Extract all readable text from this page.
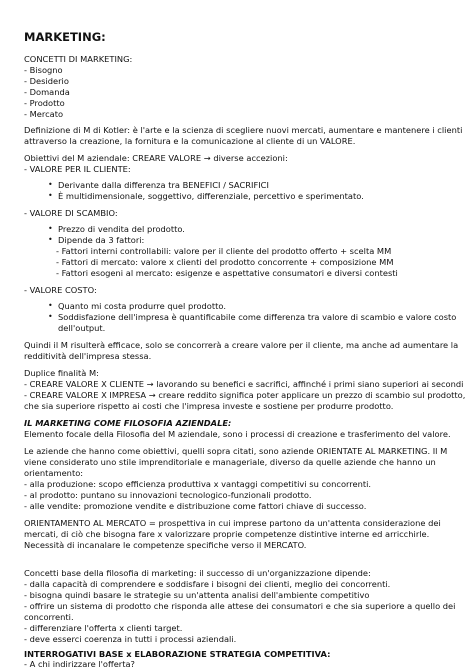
MARKETING:
CONCETTI DI MARKETING:
- Bisogno
- Desiderio
- Domanda
- Prodotto
- Mercato
Definizione di M di Kotler: è l'arte e la scienza di scegliere nuovi mercati, aumentare e mantenere i clienti
attraverso la creazione, la fornitura e la comunicazione al cliente di un VALORE.
Obiettivi del M aziendale: CREARE VALORE → diverse accezioni:
- VALORE PER IL CLIENTE:
• Derivante dalla differenza tra BENEFICI / SACRIFICI
• È multidimensionale, soggettivo, differenziale, percettivo e sperimentato.
- VALORE DI SCAMBIO:
• Prezzo di vendita del prodotto.
• Dipende da 3 fattori:
- Fattori interni controllabili: valore per il cliente del prodotto offerto + scelta MM
- Fattori di mercato: valore x clienti del prodotto concorrente + composizione MM
- Fattori esogeni al mercato: esigenze e aspettative consumatori e diversi contesti
- VALORE COSTO:
• Quanto mi costa produrre quel prodotto.
• Soddisfazione dell'impresa è quantificabile come differenza tra valore di scambio e valore costo
dell'output.
Quindi il M risulterà efficace, solo se concorrerà a creare valore per il cliente, ma anche ad aumentare la
redditività dell'impresa stessa.
Duplice finalità M:
- CREARE VALORE X CLIENTE → lavorando su benefici e sacrifici, affinché i primi siano superiori ai secondi
- CREARE VALORE X IMPRESA → creare reddito significa poter applicare un prezzo di scambio sul prodotto,
che sia superiore rispetto ai costi che l'impresa investe e sostiene per produrre prodotto.
IL MARKETING COME FILOSOFIA AZIENDALE:
Elemento focale della Filosofia del M aziendale, sono i processi di creazione e trasferimento del valore.
Le aziende che hanno come obiettivi, quelli sopra citati, sono aziende ORIENTATE AL MARKETING. Il M
viene considerato uno stile imprenditoriale e manageriale, diverso da quelle aziende che hanno un
orientamento:
- alla produzione: scopo efficienza produttiva x vantaggi competitivi su concorrenti.
- al prodotto: puntano su innovazioni tecnologico-funzionali prodotto.
- alle vendite: promozione vendite e distribuzione come fattori chiave di successo.
ORIENTAMENTO AL MERCATO = prospettiva in cui imprese partono da un'attenta considerazione dei
mercati, di ciò che bisogna fare x valorizzare proprie competenze distintive interne ed arricchirle.
Necessità di incanalare le competenze specifiche verso il MERCATO.
Concetti base della filosofia di marketing: il successo di un'organizzazione dipende:
- dalla capacità di comprendere e soddisfare i bisogni dei clienti, meglio dei concorrenti.
- bisogna quindi basare le strategie su un'attenta analisi dell'ambiente competitivo
- offrire un sistema di prodotto che risponda alle attese dei consumatori e che sia superiore a quello dei
concorrenti.
- differenziare l'offerta x clienti target.
- deve esserci coerenza in tutti i processi aziendali.
INTERROGATIVI BASE x ELABORAZIONE STRATEGIA COMPETITIVA:
- A chi indirizzare l'offerta?
